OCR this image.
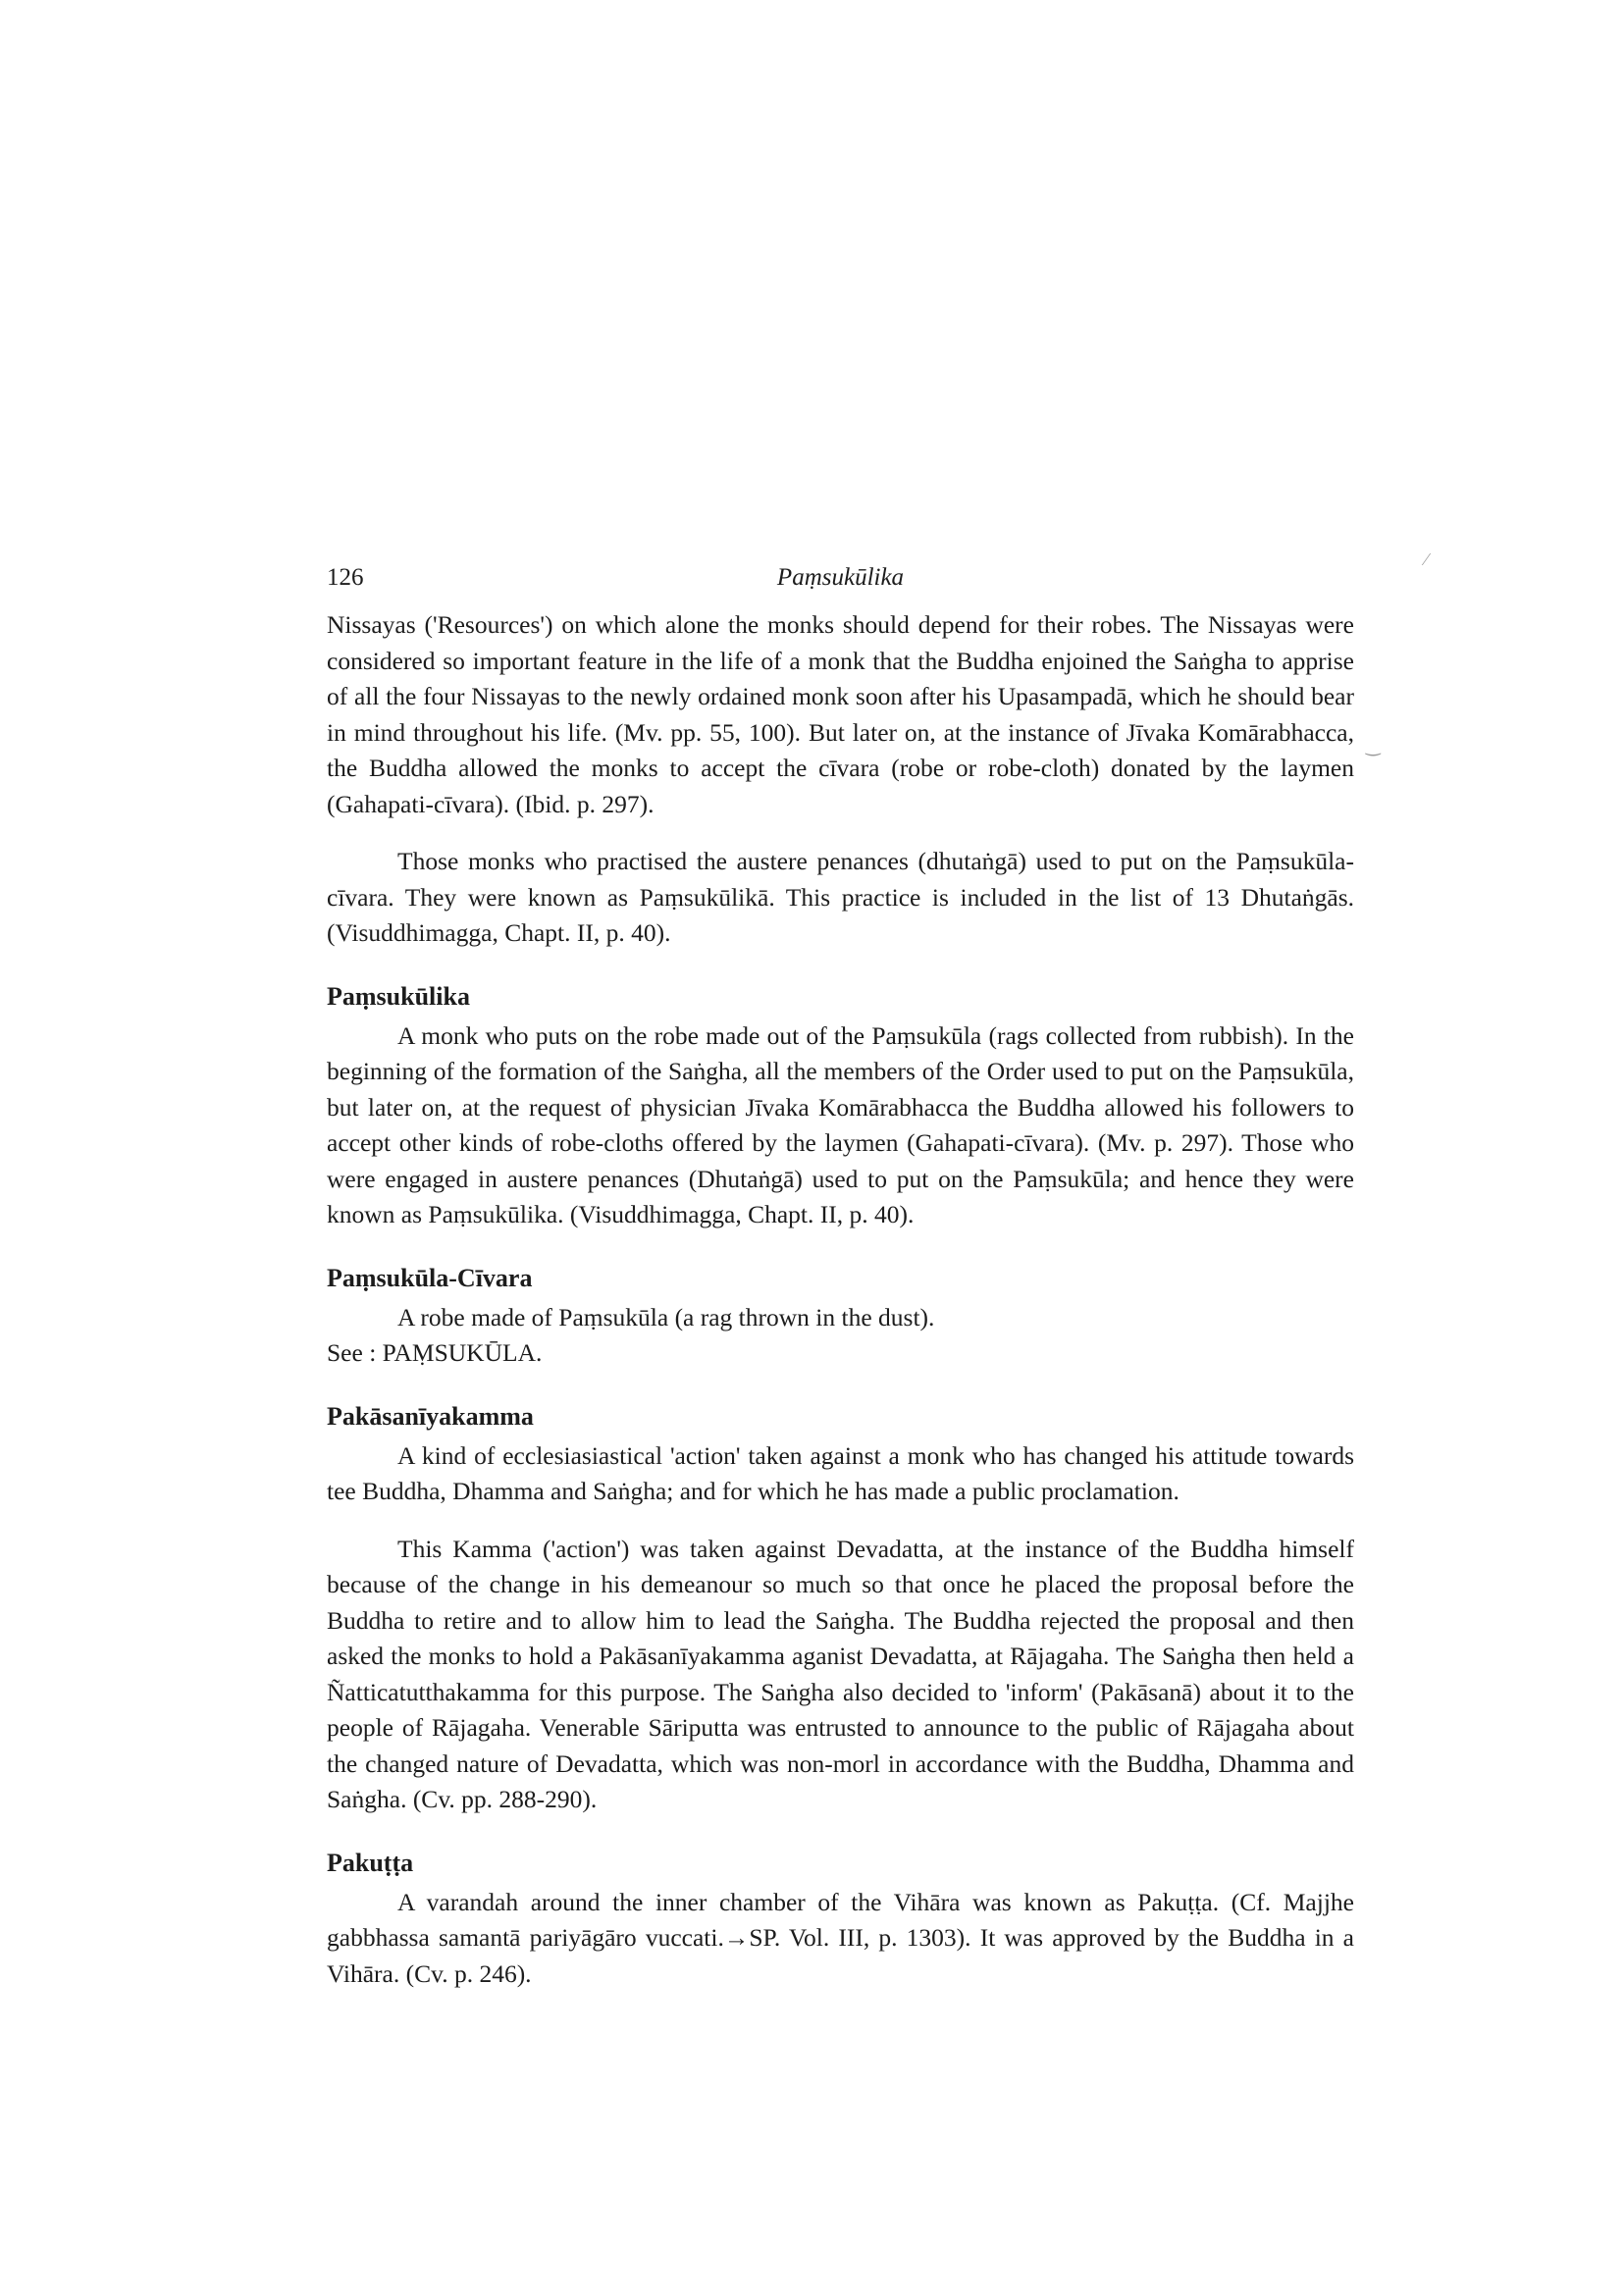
⁄
‿
126	Paṃsukūlika

Nissayas ('Resources') on which alone the monks should depend for their robes. The Nissayas were considered so important feature in the life of a monk that the Buddha enjoined the Saṅgha to apprise of all the four Nissayas to the newly ordained monk soon after his Upasampadā, which he should bear in mind throughout his life. (Mv. pp. 55, 100). But later on, at the instance of Jīvaka Komārabhacca, the Buddha allowed the monks to accept the cīvara (robe or robe-cloth) donated by the laymen (Gahapati-cīvara). (Ibid. p. 297).

Those monks who practised the austere penances (dhutaṅgā) used to put on the Paṃsukūla-cīvara. They were known as Paṃsukūlikā. This practice is included in the list of 13 Dhutaṅgās. (Visuddhimagga, Chapt. II, p. 40).

Paṃsukūlika

A monk who puts on the robe made out of the Paṃsukūla (rags collected from rubbish). In the beginning of the formation of the Saṅgha, all the members of the Order used to put on the Paṃsukūla, but later on, at the request of physician Jīvaka Komārabhacca the Buddha allowed his followers to accept other kinds of robe-cloths offered by the laymen (Gahapati-cīvara). (Mv. p. 297). Those who were engaged in austere penances (Dhutaṅgā) used to put on the Paṃsukūla; and hence they were known as Paṃsukūlika. (Visuddhimagga, Chapt. II, p. 40).

Paṃsukūla-Cīvara

A robe made of Paṃsukūla (a rag thrown in the dust).

See : PAṂSUKŪLA.

Pakāsanīyakamma

A kind of ecclesiasiastical 'action' taken against a monk who has changed his attitude towards tee Buddha, Dhamma and Saṅgha; and for which he has made a public proclamation.

This Kamma ('action') was taken against Devadatta, at the instance of the Buddha himself because of the change in his demeanour so much so that once he placed the proposal before the Buddha to retire and to allow him to lead the Saṅgha. The Buddha rejected the proposal and then asked the monks to hold a Pakāsanīyakamma aganist Devadatta, at Rājagaha. The Saṅgha then held a Ñatticatutthakamma for this purpose. The Saṅgha also decided to 'inform' (Pakāsanā) about it to the people of Rājagaha. Venerable Sāriputta was entrusted to announce to the public of Rājagaha about the changed nature of Devadatta, which was non-morl in accordance with the Buddha, Dhamma and Saṅgha. (Cv. pp. 288-290).

Pakuṭṭa

A varandah around the inner chamber of the Vihāra was known as Pakuṭṭa. (Cf. Majjhe gabbhassa samantā pariyāgāro vuccati.→SP. Vol. III, p. 1303). It was approved by the Buddha in a Vihāra. (Cv. p. 246).
